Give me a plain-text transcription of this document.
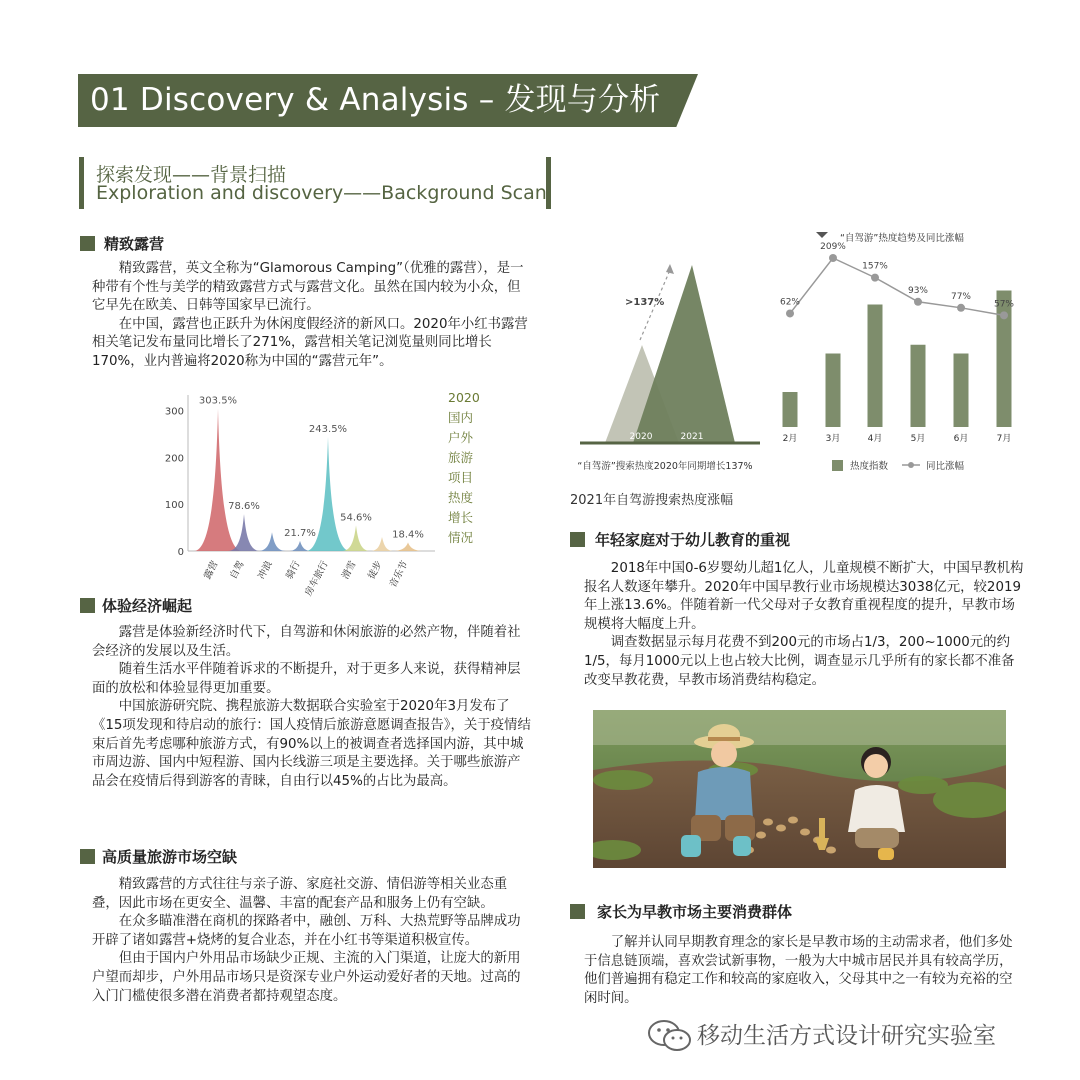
01 Discovery & Analysis – 发现与分析
探索发现——背景扫描
Exploration and discovery——Background Scan
精致露营

精致露营，英文全称为“Glamorous Camping”（优雅的露营），是一种带有个性与美学的精致露营方式与露营文化。虽然在国内较为小众，但它早先在欧美、日韩等国家早已流行。

在中国，露营也正跃升为休闲度假经济的新风口。2020年小红书露营相关笔记发布量同比增长了271%，露营相关笔记浏览量则同比增长170%，业内普遍将2020称为中国的“露营元年”。

0
100
200
300
303.5%
露营
78.6%
自驾 冲浪
21.7%
骑行
243.5%
房车旅行
54.6%
滑雪 徒步
18.4%
音乐节
2020
国内
户外
旅游
项目
热度
增长
情况
体验经济崛起

露营是体验新经济时代下，自驾游和休闲旅游的必然产物，伴随着社会经济的发展以及生活。

随着生活水平伴随着诉求的不断提升，对于更多人来说，获得精神层面的放松和体验显得更加重要。

中国旅游研究院、携程旅游大数据联合实验室于2020年3月发布了《15项发现和待启动的旅行：国人疫情后旅游意愿调查报告》，关于疫情结束后首先考虑哪种旅游方式，有90%以上的被调查者选择国内游，其中城市周边游、国内中短程游、国内长线游三项是主要选择。关于哪些旅游产品会在疫情后得到游客的青睐，自由行以45%的占比为最高。

高质量旅游市场空缺

精致露营的方式往往与亲子游、家庭社交游、情侣游等相关业态重叠，因此市场在更安全、温馨、丰富的配套产品和服务上仍有空缺。

在众多瞄准潜在商机的探路者中，融创、万科、大热荒野等品牌成功开辟了诸如露营+烧烤的复合业态，并在小红书等渠道积极宣传。

但由于国内户外用品市场缺少正规、主流的入门渠道，让庞大的新用户望而却步，户外用品市场只是资深专业户外运动爱好者的天地。过高的入门门槛使很多潜在消费者都持观望态度。

2020	2021
>137%
“自驾游”搜索热度2020年同期增长137%
“自驾游”热度趋势及同比涨幅
2月	3月	4月	5月	6月	7月
62%
209%
157%
93%
77%
57%
热度指数	同比涨幅
2021年自驾游搜索热度涨幅
年轻家庭对于幼儿教育的重视

2018年中国0-6岁婴幼儿超1亿人，儿童规模不断扩大，中国早教机构报名人数逐年攀升。2020年中国早教行业市场规模达3038亿元，较2019年上涨13.6%。伴随着新一代父母对子女教育重视程度的提升，早教市场规模将大幅度上升。

调查数据显示每月花费不到200元的市场占1/3，200~1000元的约1/5，每月1000元以上也占较大比例，调查显示几乎所有的家长都不准备改变早教花费，早教市场消费结构稳定。

家长为早教市场主要消费群体

了解并认同早期教育理念的家长是早教市场的主动需求者，他们多处于信息链顶端，喜欢尝试新事物，一般为大中城市居民并具有较高学历，他们普遍拥有稳定工作和较高的家庭收入，父母其中之一有较为充裕的空闲时间。

移动生活方式设计研究实验室
